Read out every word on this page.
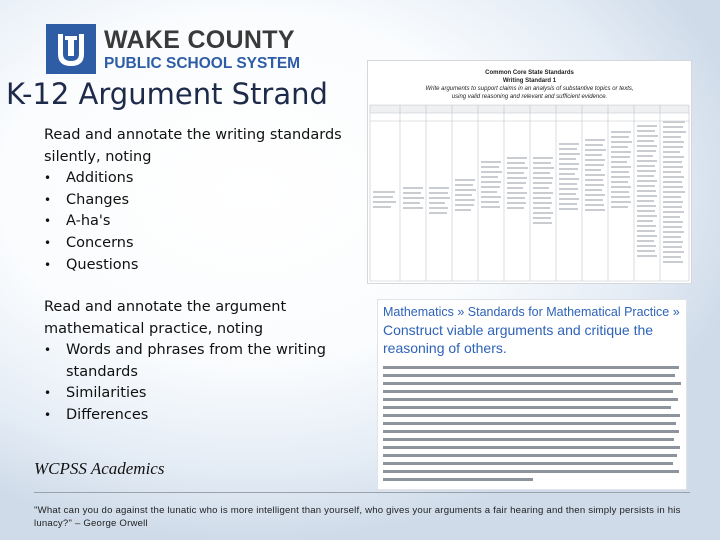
WAKE COUNTY
PUBLIC SCHOOL SYSTEM
K-12 Argument Strand

Read and annotate the writing standards silently, noting

• Additions
• Changes
• A-ha's
• Concerns
• Questions

Read and annotate the argument mathematical practice, noting

• Words and phrases from the writing standards
• Similarities
• Differences
Common Core State Standards
Writing Standard 1
Write arguments to support claims in an analysis of substantive topics or texts,
using valid reasoning and relevant and sufficient evidence.
Mathematics » Standards for Mathematical Practice »
Construct viable arguments and critique the reasoning of others.
WCPSS Academics
"What can you do against the lunatic who is more intelligent than yourself, who gives your arguments a fair hearing and then simply persists in his lunacy?" – George Orwell
